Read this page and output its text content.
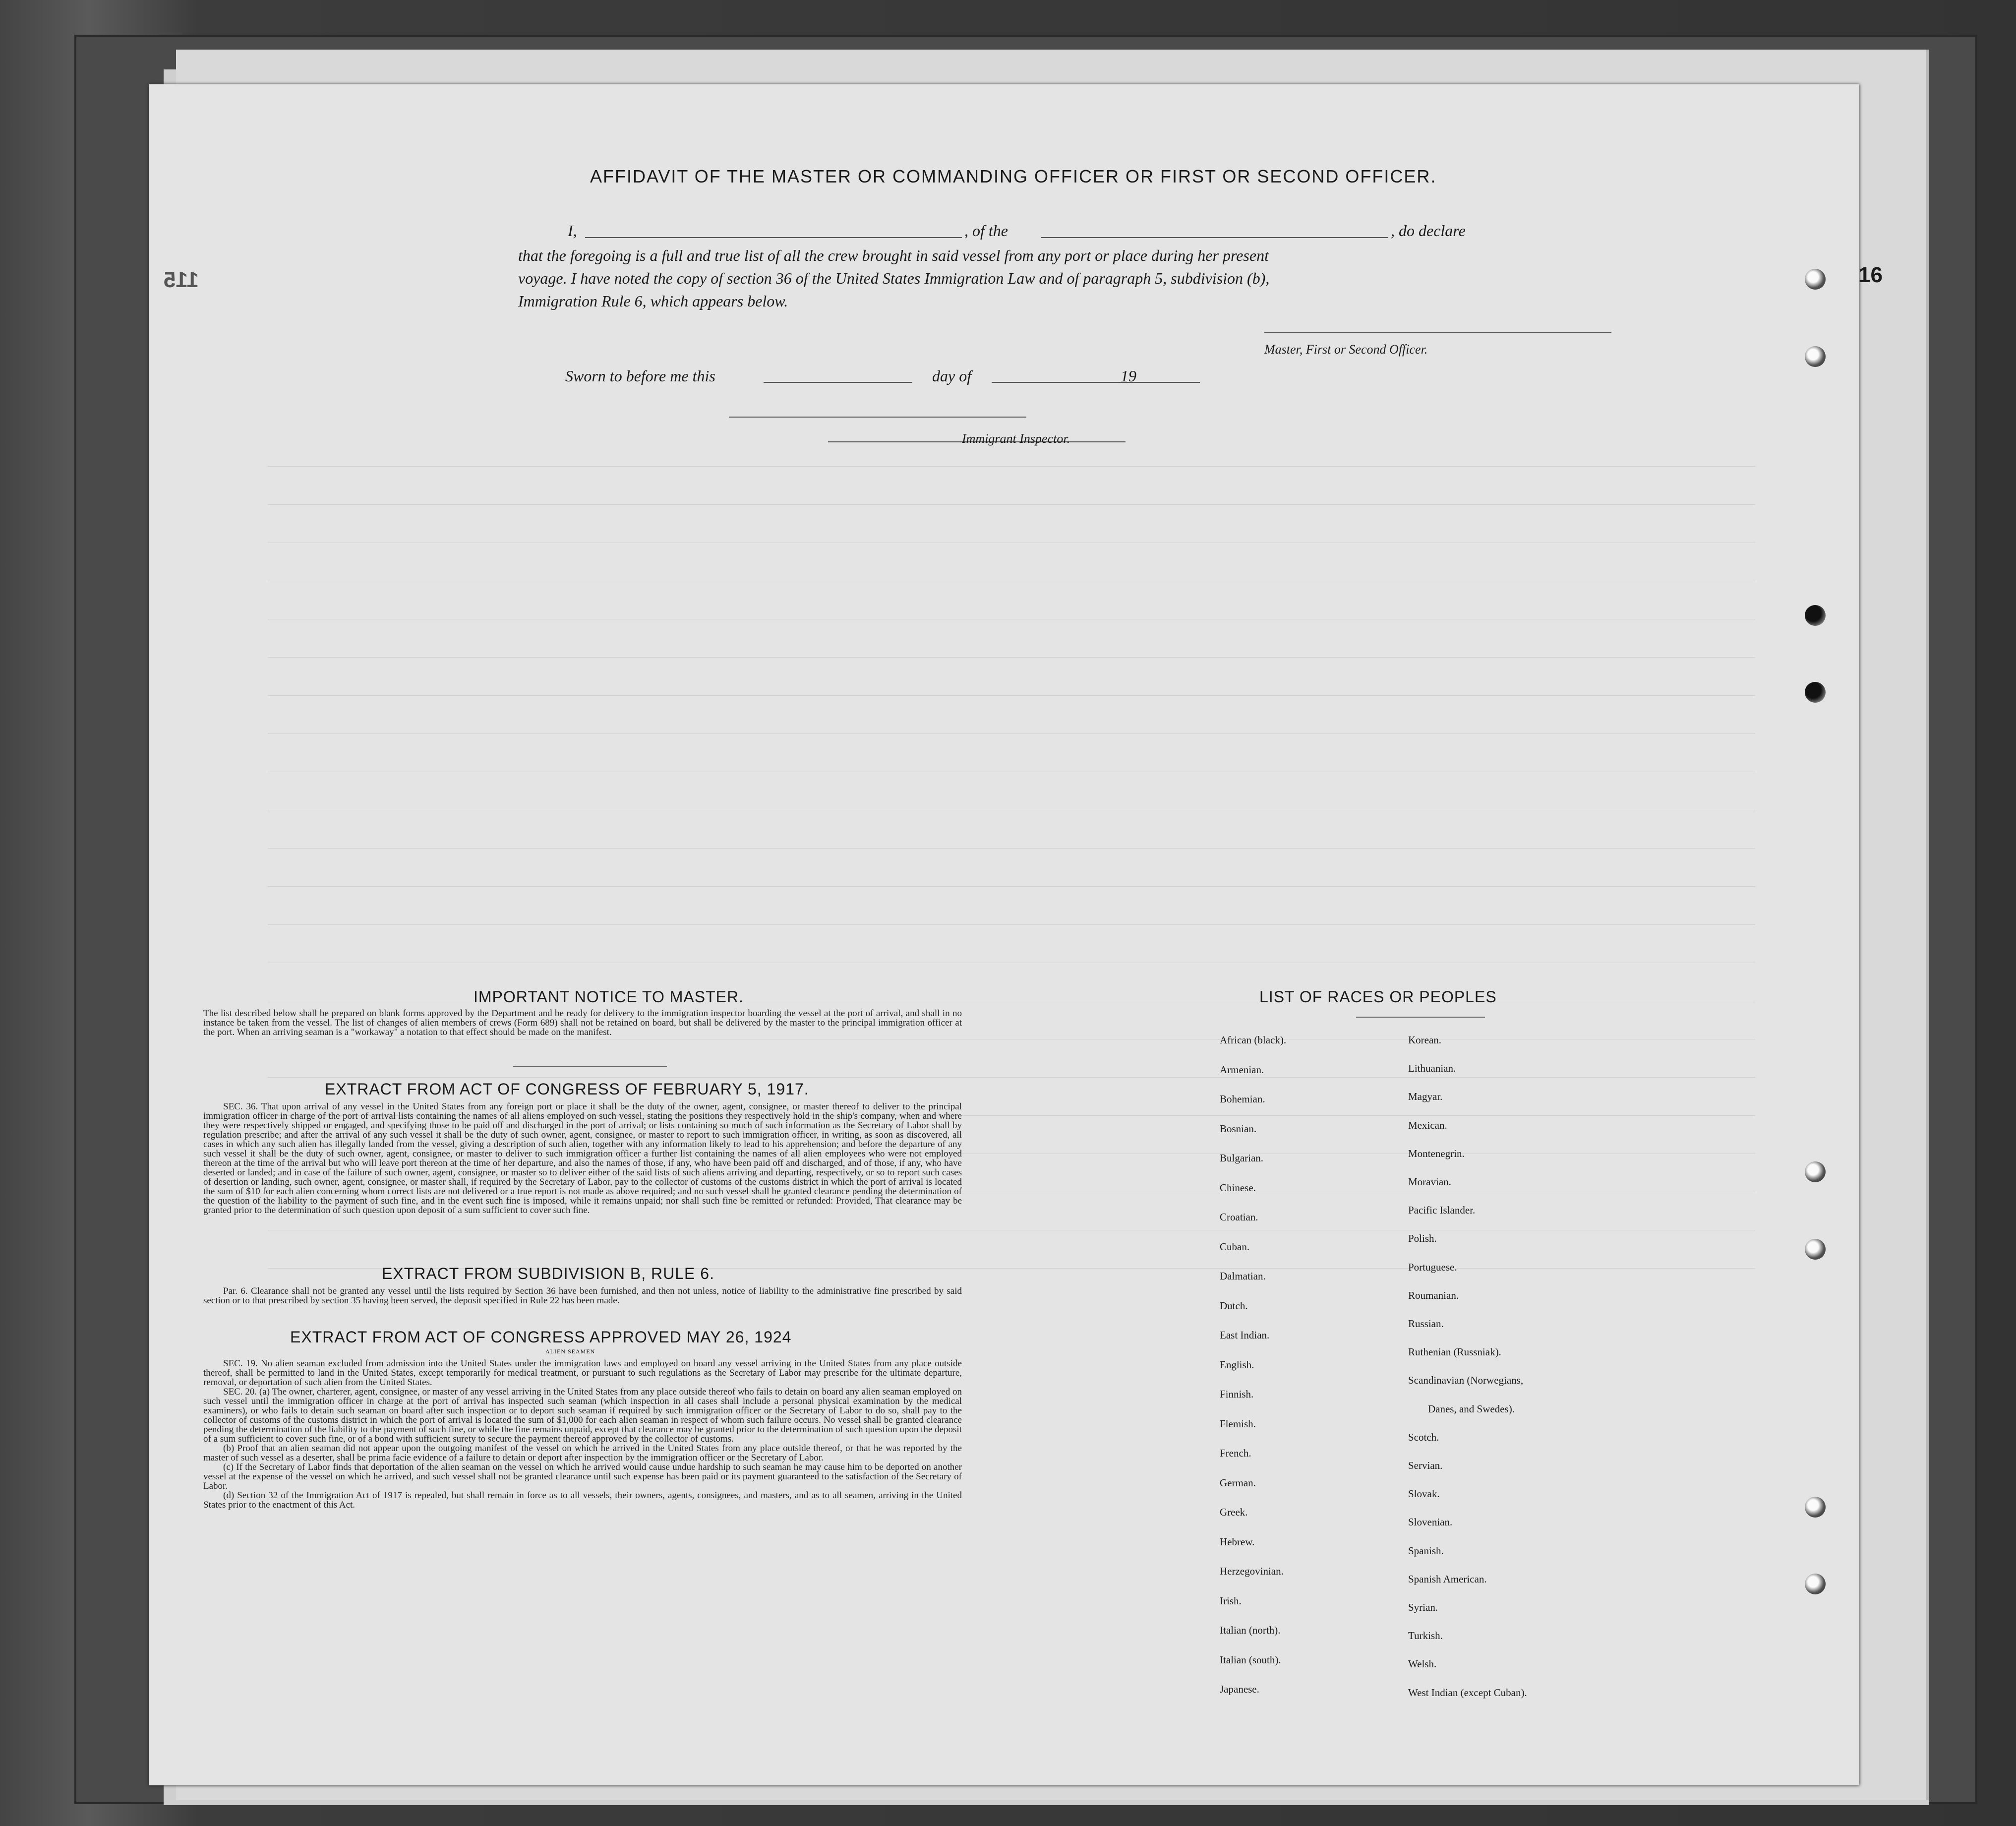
115
AFFIDAVIT OF THE MASTER OR COMMANDING OFFICER OR FIRST OR SECOND OFFICER.
I,	, of the	, do declare
that the foregoing is a full and true list of all the crew brought in said vessel from any port or place during her present
voyage. I have noted the copy of section 36 of the United States Immigration Law and of paragraph 5, subdivision (b),
Immigration Rule 6, which appears below.
Master, First or Second Officer.
Sworn to before me this	day of	19
Immigrant Inspector.
IMPORTANT NOTICE TO MASTER.
The list described below shall be prepared on blank forms approved by the Department and be ready for delivery to the immigration inspector boarding the vessel at the port of arrival, and shall in no instance be taken from the vessel. The list of changes of alien members of crews (Form 689) shall not be retained on board, but shall be delivered by the master to the principal immigration officer at the port. When an arriving seaman is a "workaway" a notation to that effect should be made on the manifest.
EXTRACT FROM ACT OF CONGRESS OF FEBRUARY 5, 1917.
SEC. 36. That upon arrival of any vessel in the United States from any foreign port or place it shall be the duty of the owner, agent, consignee, or master thereof to deliver to the principal immigration officer in charge of the port of arrival lists containing the names of all aliens employed on such vessel, stating the positions they respectively hold in the ship's company, when and where they were respectively shipped or engaged, and specifying those to be paid off and discharged in the port of arrival; or lists containing so much of such information as the Secretary of Labor shall by regulation prescribe; and after the arrival of any such vessel it shall be the duty of such owner, agent, consignee, or master to report to such immigration officer, in writing, as soon as discovered, all cases in which any such alien has illegally landed from the vessel, giving a description of such alien, together with any information likely to lead to his apprehension; and before the departure of any such vessel it shall be the duty of such owner, agent, consignee, or master to deliver to such immigration officer a further list containing the names of all alien employees who were not employed thereon at the time of the arrival but who will leave port thereon at the time of her departure, and also the names of those, if any, who have been paid off and discharged, and of those, if any, who have deserted or landed; and in case of the failure of such owner, agent, consignee, or master so to deliver either of the said lists of such aliens arriving and departing, respectively, or so to report such cases of desertion or landing, such owner, agent, consignee, or master shall, if required by the Secretary of Labor, pay to the collector of customs of the customs district in which the port of arrival is located the sum of $10 for each alien concerning whom correct lists are not delivered or a true report is not made as above required; and no such vessel shall be granted clearance pending the determination of the question of the liability to the payment of such fine, and in the event such fine is imposed, while it remains unpaid; nor shall such fine be remitted or refunded: Provided, That clearance may be granted prior to the determination of such question upon deposit of a sum sufficient to cover such fine.
EXTRACT FROM SUBDIVISION B, RULE 6.
Par. 6. Clearance shall not be granted any vessel until the lists required by Section 36 have been furnished, and then not unless, notice of liability to the administrative fine prescribed by said section or to that prescribed by section 35 having been served, the deposit specified in Rule 22 has been made.
EXTRACT FROM ACT OF CONGRESS APPROVED MAY 26, 1924
ALIEN SEAMEN
SEC. 19. No alien seaman excluded from admission into the United States under the immigration laws and employed on board any vessel arriving in the United States from any place outside thereof, shall be permitted to land in the United States, except temporarily for medical treatment, or pursuant to such regulations as the Secretary of Labor may prescribe for the ultimate departure, removal, or deportation of such alien from the United States.
SEC. 20. (a) The owner, charterer, agent, consignee, or master of any vessel arriving in the United States from any place outside thereof who fails to detain on board any alien seaman employed on such vessel until the immigration officer in charge at the port of arrival has inspected such seaman (which inspection in all cases shall include a personal physical examination by the medical examiners), or who fails to detain such seaman on board after such inspection or to deport such seaman if required by such immigration officer or the Secretary of Labor to do so, shall pay to the collector of customs of the customs district in which the port of arrival is located the sum of $1,000 for each alien seaman in respect of whom such failure occurs. No vessel shall be granted clearance pending the determination of the liability to the payment of such fine, or while the fine remains unpaid, except that clearance may be granted prior to the determination of such question upon the deposit of a sum sufficient to cover such fine, or of a bond with sufficient surety to secure the payment thereof approved by the collector of customs.
(b) Proof that an alien seaman did not appear upon the outgoing manifest of the vessel on which he arrived in the United States from any place outside thereof, or that he was reported by the master of such vessel as a deserter, shall be prima facie evidence of a failure to detain or deport after inspection by the immigration officer or the Secretary of Labor.
(c) If the Secretary of Labor finds that deportation of the alien seaman on the vessel on which he arrived would cause undue hardship to such seaman he may cause him to be deported on another vessel at the expense of the vessel on which he arrived, and such vessel shall not be granted clearance until such expense has been paid or its payment guaranteed to the satisfaction of the Secretary of Labor.
(d) Section 32 of the Immigration Act of 1917 is repealed, but shall remain in force as to all vessels, their owners, agents, consignees, and masters, and as to all seamen, arriving in the United States prior to the enactment of this Act.
LIST OF RACES OR PEOPLES
African (black).
Armenian.
Bohemian.
Bosnian.
Bulgarian.
Chinese.
Croatian.
Cuban.
Dalmatian.
Dutch.
East Indian.
English.
Finnish.
Flemish.
French.
German.
Greek.
Hebrew.
Herzegovinian.
Irish.
Italian (north).
Italian (south).
Japanese.
Korean.
Lithuanian.
Magyar.
Mexican.
Montenegrin.
Moravian.
Pacific Islander.
Polish.
Portuguese.
Roumanian.
Russian.
Ruthenian (Russniak).
Scandinavian (Norwegians,
Danes, and Swedes).
Scotch.
Servian.
Slovak.
Slovenian.
Spanish.
Spanish American.
Syrian.
Turkish.
Welsh.
West Indian (except Cuban).
16
